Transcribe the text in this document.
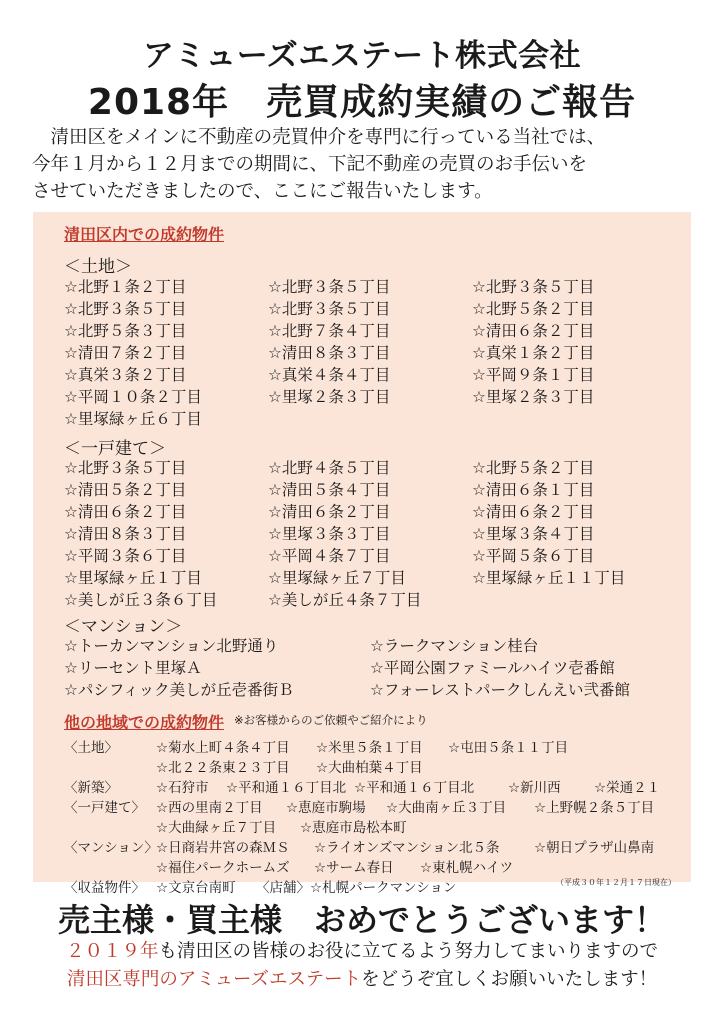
アミューズエステート株式会社
2018年　売買成約実績のご報告

　清田区をメインに不動産の売買仲介を専門に行っている当社では、

今年１月から１２月までの期間に、下記不動産の売買のお手伝いを

させていただきましたので、ここにご報告いたします。

清田区内での成約物件
＜土地＞
☆北野１条２丁目	☆北野３条５丁目	☆北野３条５丁目
☆北野３条５丁目	☆北野３条５丁目	☆北野５条２丁目
☆北野５条３丁目	☆北野７条４丁目	☆清田６条２丁目
☆清田７条２丁目	☆清田８条３丁目	☆真栄１条２丁目
☆真栄３条２丁目	☆真栄４条４丁目	☆平岡９条１丁目
☆平岡１０条２丁目	☆里塚２条３丁目	☆里塚２条３丁目
☆里塚緑ヶ丘６丁目
＜一戸建て＞
☆北野３条５丁目	☆北野４条５丁目	☆北野５条２丁目
☆清田５条２丁目	☆清田５条４丁目	☆清田６条１丁目
☆清田６条２丁目	☆清田６条２丁目	☆清田６条２丁目
☆清田８条３丁目	☆里塚３条３丁目	☆里塚３条４丁目
☆平岡３条６丁目	☆平岡４条７丁目	☆平岡５条６丁目
☆里塚緑ヶ丘１丁目	☆里塚緑ヶ丘７丁目	☆里塚緑ヶ丘１１丁目
☆美しが丘３条６丁目	☆美しが丘４条７丁目
＜マンション＞
☆トーカンマンション北野通り	☆ラークマンション桂台
☆リーセント里塚Ａ	☆平岡公園ファミールハイツ壱番館
☆パシフィック美しが丘壱番街Ｂ	☆フォーレストパークしんえい弐番館
他の地域での成約物件 ※お客様からのご依頼やご紹介により
〈土地〉	☆菊水上町４条４丁目 ☆米里５条１丁目 ☆屯田５条１１丁目
☆北２２条東２３丁目 ☆大曲柏葉４丁目
〈新築〉	☆石狩市 ☆平和通１６丁目北 ☆平和通１６丁目北	☆新川西 ☆栄通２１
〈一戸建て〉 ☆西の里南２丁目 ☆恵庭市駒場 ☆大曲南ヶ丘３丁目 ☆上野幌２条５丁目
☆大曲緑ヶ丘７丁目 ☆恵庭市島松本町
〈マンション〉
☆日商岩井宮の森ＭＳ ☆ライオンズマンション北５条	☆朝日プラザ山鼻南
☆福住パークホームズ ☆サーム春日 ☆東札幌ハイツ
〈収益物件〉 ☆文京台南町 〈店舗〉☆札幌パークマンション	（平成３０年１２月１７日現在）
売主様・買主様　おめでとうございます！

２０１９年も清田区の皆様のお役に立てるよう努力してまいりますので

清田区専門のアミューズエステートをどうぞ宜しくお願いいたします！
